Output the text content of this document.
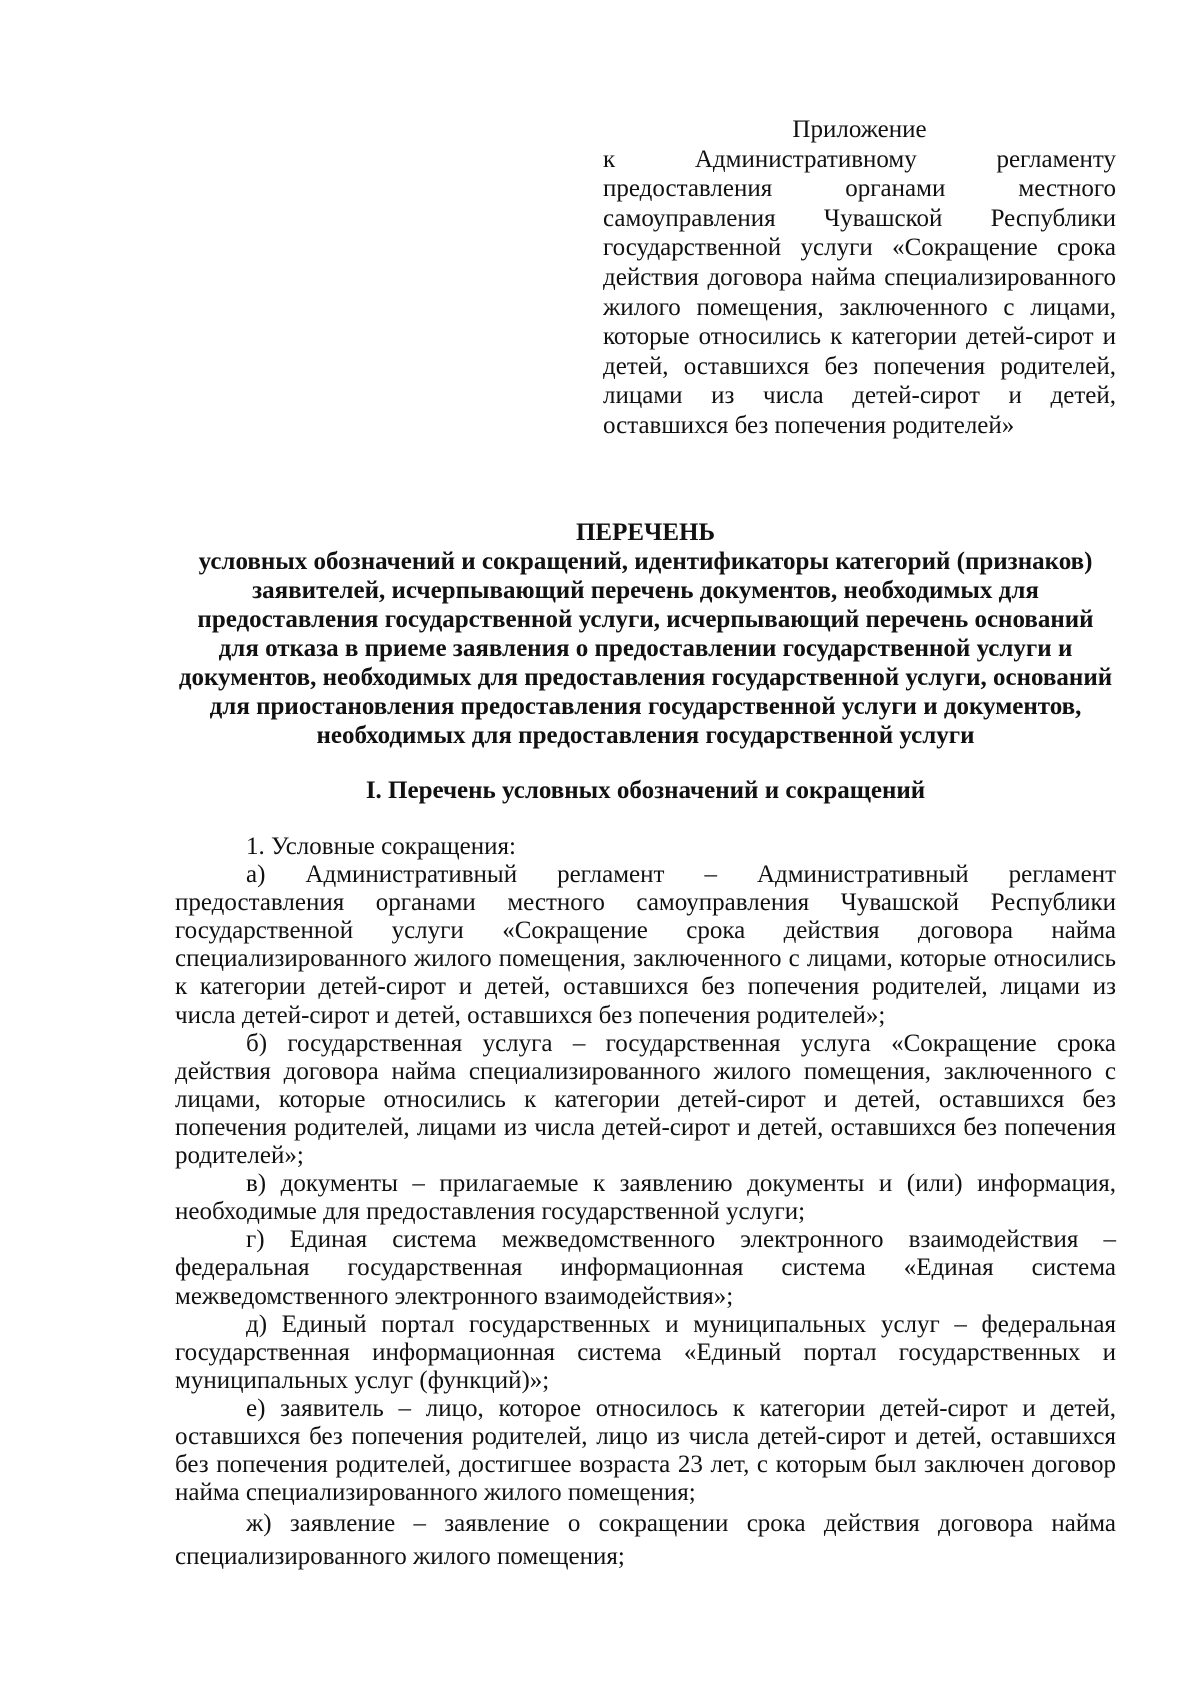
Приложение

к Административному регламенту предоставления органами местного самоуправления Чувашской Республики государственной услуги «Сокращение срока действия договора найма специализированного жилого помещения, заключенного с лицами, которые относились к категории детей-сирот и детей, оставшихся без попечения родителей, лицами из числа детей-сирот и детей, оставшихся без попечения родителей»

ПЕРЕЧЕНЬ
условных обозначений и сокращений, идентификаторы категорий (признаков) заявителей, исчерпывающий перечень документов, необходимых для предоставления государственной услуги, исчерпывающий перечень оснований для отказа в приеме заявления о предоставлении государственной услуги и документов, необходимых для предоставления государственной услуги, оснований для приостановления предоставления государственной услуги и документов, необходимых для предоставления государственной услуги
I. Перечень условных обозначений и сокращений

1. Условные сокращения:

а) Административный регламент – Административный регламент предоставления органами местного самоуправления Чувашской Республики государственной услуги «Сокращение срока действия договора найма специализированного жилого помещения, заключенного с лицами, которые относились к категории детей-сирот и детей, оставшихся без попечения родителей, лицами из числа детей-сирот и детей, оставшихся без попечения родителей»;

б) государственная услуга – государственная услуга «Сокращение срока действия договора найма специализированного жилого помещения, заключенного с лицами, которые относились к категории детей-сирот и детей, оставшихся без попечения родителей, лицами из числа детей-сирот и детей, оставшихся без попечения родителей»;

в) документы – прилагаемые к заявлению документы и (или) информация, необходимые для предоставления государственной услуги;

г) Единая система межведомственного электронного взаимодействия – федеральная государственная информационная система «Единая система межведомственного электронного взаимодействия»;

д) Единый портал государственных и муниципальных услуг – федеральная государственная информационная система «Единый портал государственных и муниципальных услуг (функций)»;

е) заявитель – лицо, которое относилось к категории детей-сирот и детей, оставшихся без попечения родителей, лицо из числа детей-сирот и детей, оставшихся без попечения родителей, достигшее возраста 23 лет, с которым был заключен договор найма специализированного жилого помещения;

ж) заявление – заявление о сокращении срока действия договора найма специализированного жилого помещения;
